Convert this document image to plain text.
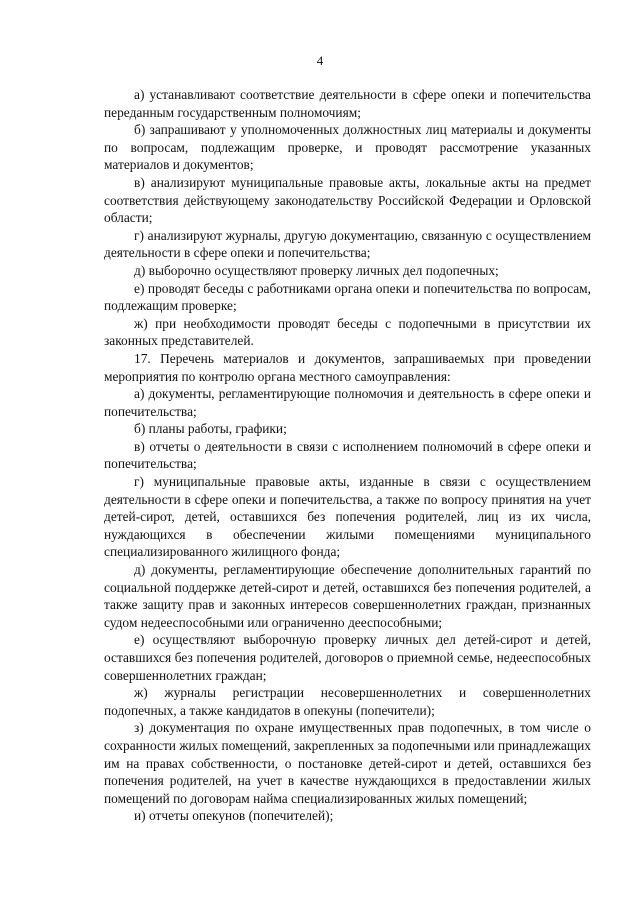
4

а) устанавливают соответствие деятельности в сфере опеки и попечительства переданным государственным полномочиям;

б) запрашивают у уполномоченных должностных лиц материалы и документы по вопросам, подлежащим проверке, и проводят рассмотрение указанных материалов и документов;

в) анализируют муниципальные правовые акты, локальные акты на предмет соответствия действующему законодательству Российской Федерации и Орловской области;

г) анализируют журналы, другую документацию, связанную с осуществлением деятельности в сфере опеки и попечительства;

д) выборочно осуществляют проверку личных дел подопечных;

е) проводят беседы с работниками органа опеки и попечительства по вопросам, подлежащим проверке;

ж) при необходимости проводят беседы с подопечными в присутствии их законных представителей.

17. Перечень материалов и документов, запрашиваемых при проведении мероприятия по контролю органа местного самоуправления:

а) документы, регламентирующие полномочия и деятельность в сфере опеки и попечительства;

б) планы работы, графики;

в) отчеты о деятельности в связи с исполнением полномочий в сфере опеки и попечительства;

г) муниципальные правовые акты, изданные в связи с осуществлением деятельности в сфере опеки и попечительства, а также по вопросу принятия на учет детей-сирот, детей, оставшихся без попечения родителей, лиц из их числа, нуждающихся в обеспечении жилыми помещениями муниципального специализированного жилищного фонда;

д) документы, регламентирующие обеспечение дополнительных гарантий по социальной поддержке детей-сирот и детей, оставшихся без попечения родителей, а также защиту прав и законных интересов совершеннолетних граждан, признанных судом недееспособными или ограниченно дееспособными;

е) осуществляют выборочную проверку личных дел детей-сирот и детей, оставшихся без попечения родителей, договоров о приемной семье, недееспособных совершеннолетних граждан;

ж) журналы регистрации несовершеннолетних и совершеннолетних подопечных, а также кандидатов в опекуны (попечители);

з) документация по охране имущественных прав подопечных, в том числе о сохранности жилых помещений, закрепленных за подопечными или принадлежащих им на правах собственности, о постановке детей-сирот и детей, оставшихся без попечения родителей, на учет в качестве нуждающихся в предоставлении жилых помещений по договорам найма специализированных жилых помещений;

и) отчеты опекунов (попечителей);
